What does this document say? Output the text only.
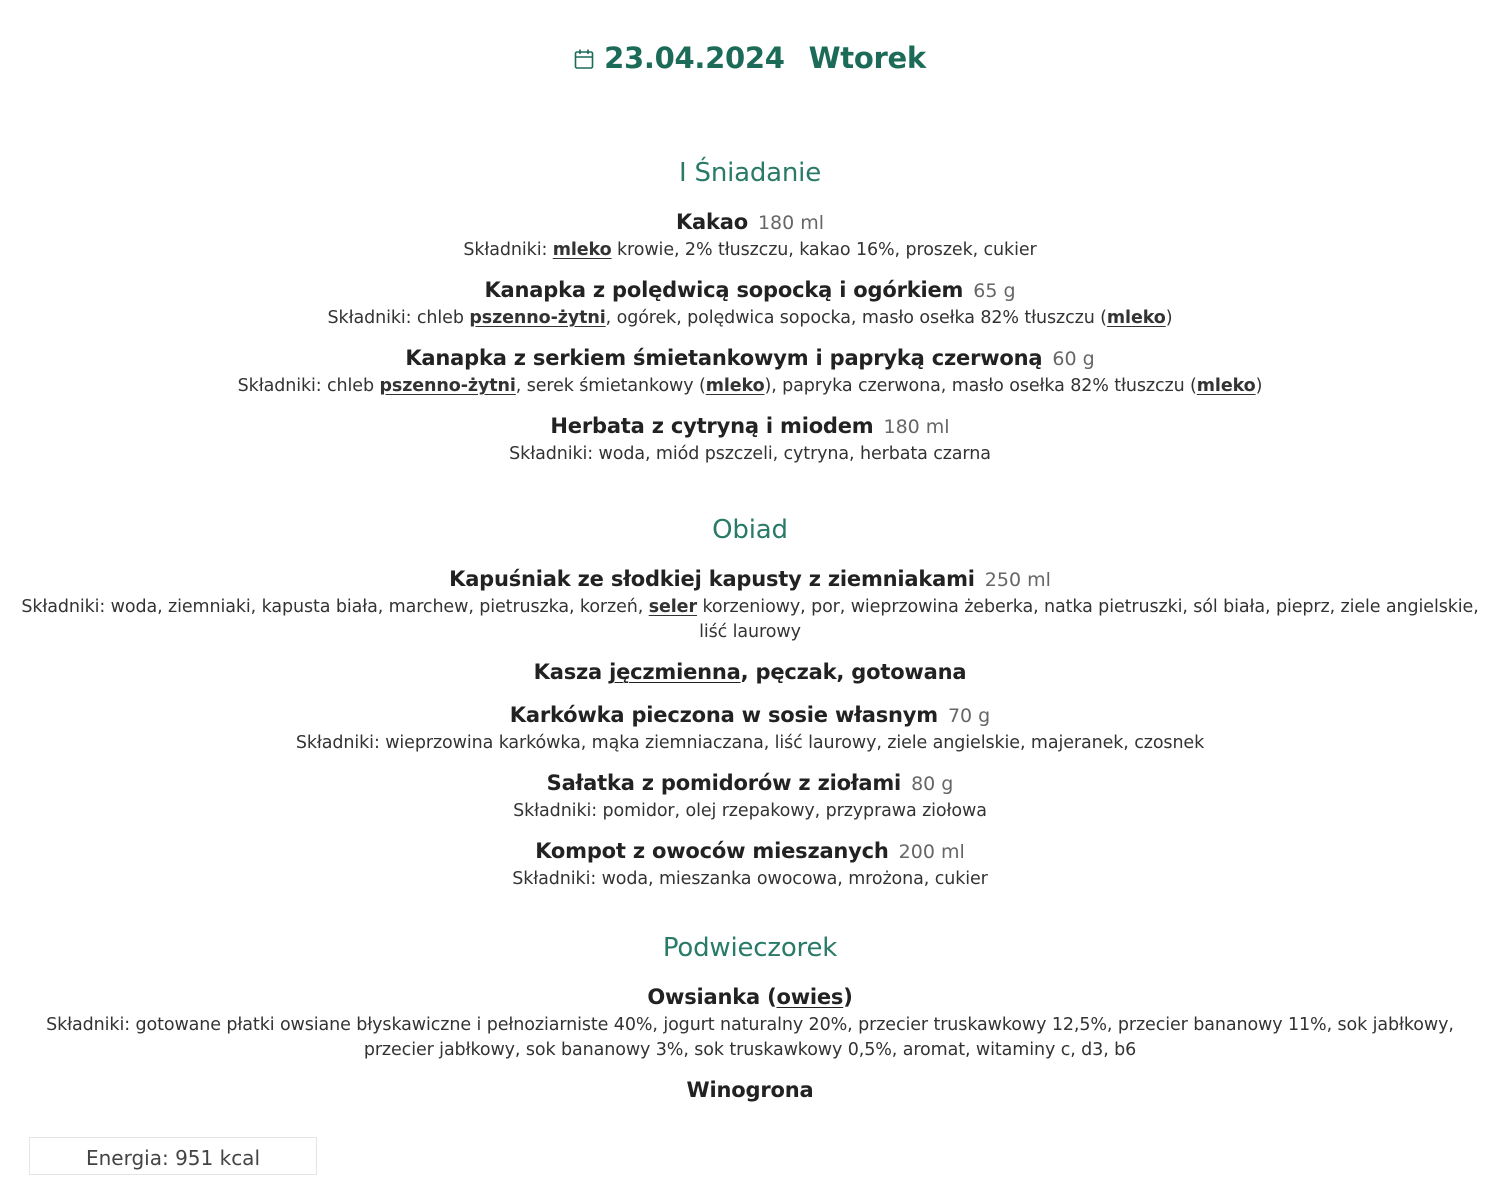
23.04.2024 Wtorek
I Śniadanie
Kakao 180 ml
Składniki: mleko krowie, 2% tłuszczu, kakao 16%, proszek, cukier
Kanapka z polędwicą sopocką i ogórkiem 65 g
Składniki: chleb pszenno-żytni, ogórek, polędwica sopocka, masło osełka 82% tłuszczu (mleko)
Kanapka z serkiem śmietankowym i papryką czerwoną 60 g
Składniki: chleb pszenno-żytni, serek śmietankowy (mleko), papryka czerwona, masło osełka 82% tłuszczu (mleko)
Herbata z cytryną i miodem 180 ml
Składniki: woda, miód pszczeli, cytryna, herbata czarna
Obiad
Kapuśniak ze słodkiej kapusty z ziemniakami 250 ml
Składniki: woda, ziemniaki, kapusta biała, marchew, pietruszka, korzeń, seler korzeniowy, por, wieprzowina żeberka, natka pietruszki, sól biała, pieprz, ziele angielskie, liść laurowy
Kasza jęczmienna, pęczak, gotowana
Karkówka pieczona w sosie własnym 70 g
Składniki: wieprzowina karkówka, mąka ziemniaczana, liść laurowy, ziele angielskie, majeranek, czosnek
Sałatka z pomidorów z ziołami 80 g
Składniki: pomidor, olej rzepakowy, przyprawa ziołowa
Kompot z owoców mieszanych 200 ml
Składniki: woda, mieszanka owocowa, mrożona, cukier
Podwieczorek
Owsianka (owies)
Składniki: gotowane płatki owsiane błyskawiczne i pełnoziarniste 40%, jogurt naturalny 20%, przecier truskawkowy 12,5%, przecier bananowy 11%, sok jabłkowy, przecier jabłkowy, sok bananowy 3%, sok truskawkowy 0,5%, aromat, witaminy c, d3, b6
Winogrona
Energia: 951 kcal
